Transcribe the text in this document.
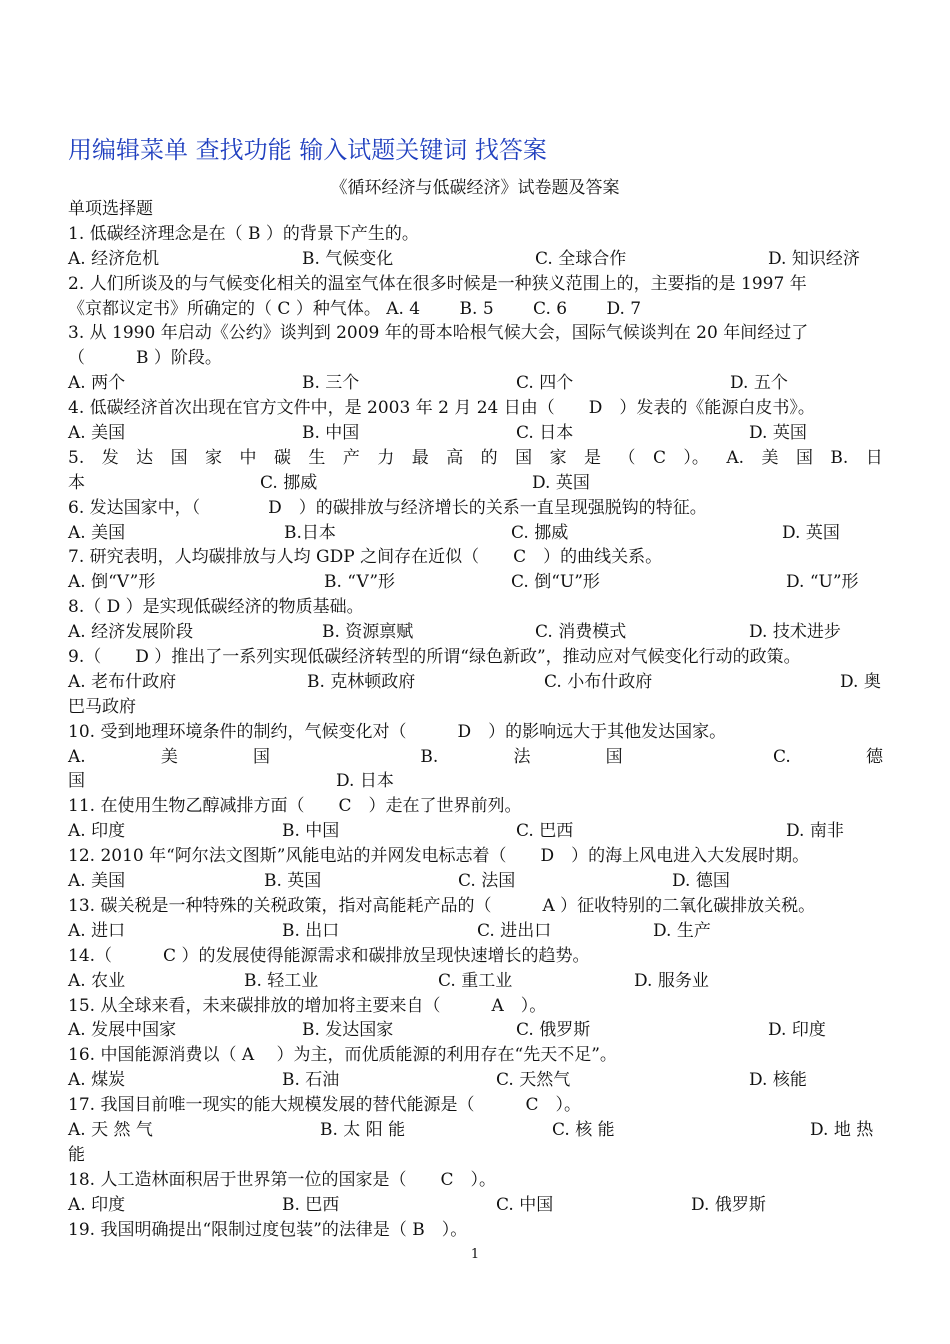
用编辑菜单 查找功能 输入试题关键词 找答案
《循环经济与低碳经济》试卷题及答案
单项选择题
1. 低碳经济理念是在（ B ）的背景下产生的。
A. 经济危机	B. 气候变化	C. 全球合作	D. 知识经济
2. 人们所谈及的与气候变化相关的温室气体在很多时候是一种狭义范围上的，主要指的是 1997 年
《京都议定书》所确定的（ C ）种气体。 A. 4　　 B. 5　　 C. 6　　 D. 7
3. 从 1990 年启动《公约》谈判到 2009 年的哥本哈根气候大会，国际气候谈判在 20 年间经过了
（　　　B ）阶段。
A. 两个	B. 三个	C. 四个	D. 五个
4. 低碳经济首次出现在官方文件中，是 2003 年 2 月 24 日由（　　D　）发表的《能源白皮书》。
A. 美国	B. 中国	C. 日本	D. 英国
5. 发 达 国 家 中 碳 生 产 力 最 高 的 国 家 是 （ C ）。 A. 美 国 B. 日
本	C. 挪威	D. 英国
6. 发达国家中，（　　　　D　）的碳排放与经济增长的关系一直呈现强脱钩的特征。
A. 美国	B.日本	C. 挪威	D. 英国
7. 研究表明，人均碳排放与人均 GDP 之间存在近似（　　C　）的曲线关系。
A. 倒“V”形	B. “V”形	C. 倒“U”形	D. “U”形
8.（ D ）是实现低碳经济的物质基础。
A. 经济发展阶段	B. 资源禀赋	C. 消费模式	D. 技术进步
9.（　　D ）推出了一系列实现低碳经济转型的所谓“绿色新政”，推动应对气候变化行动的政策。
A. 老布什政府	B. 克林顿政府	C. 小布什政府	D. 奥
巴马政府
10. 受到地理环境条件的制约，气候变化对（　　　D　）的影响远大于其他发达国家。
A.	美	国	B.	法	国	C.	德
国	D. 日本
11. 在使用生物乙醇减排方面（　　C　）走在了世界前列。
A. 印度	B. 中国	C. 巴西	D. 南非
12. 2010 年“阿尔法文图斯”风能电站的并网发电标志着（　　D　）的海上风电进入大发展时期。
A. 美国	B. 英国	C. 法国	D. 德国
13. 碳关税是一种特殊的关税政策，指对高能耗产品的（　　　A ）征收特别的二氧化碳排放关税。
A. 进口	B. 出口	C. 进出口	D. 生产
14.（　　　C ）的发展使得能源需求和碳排放呈现快速增长的趋势。
A. 农业	B. 轻工业	C. 重工业	D. 服务业
15. 从全球来看，未来碳排放的增加将主要来自（　　　A　）。
A. 发展中国家	B. 发达国家	C. 俄罗斯	D. 印度
16. 中国能源消费以（ A　 ）为主，而优质能源的利用存在“先天不足”。
A. 煤炭	B. 石油	C. 天然气	D. 核能
17. 我国目前唯一现实的能大规模发展的替代能源是（　　　C　）。
A. 天 然 气	B. 太 阳 能	C. 核 能	D. 地 热
能
18. 人工造林面积居于世界第一位的国家是（　　C　）。
A. 印度	B. 巴西	C. 中国	D. 俄罗斯
19. 我国明确提出“限制过度包装”的法律是（ B　）。
1
